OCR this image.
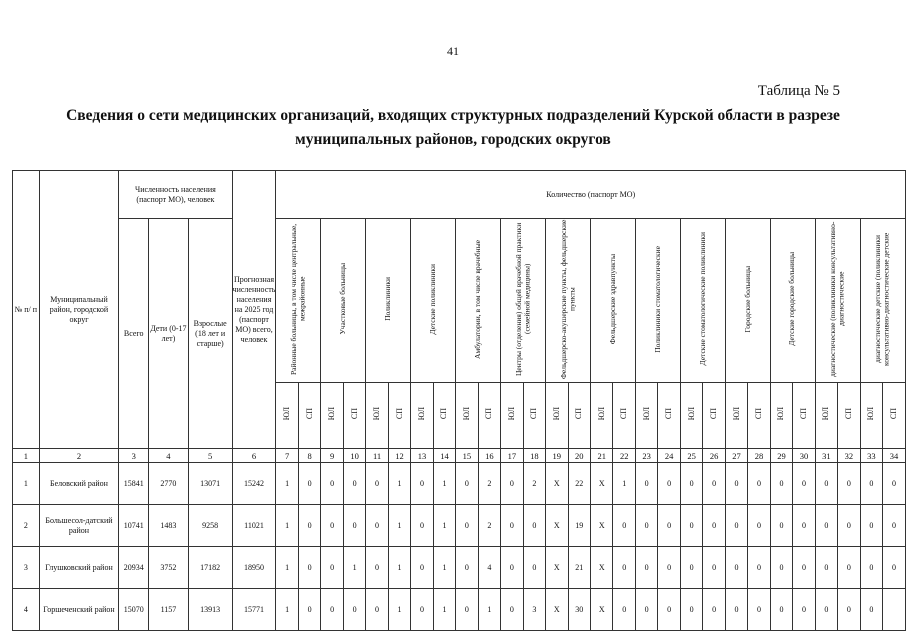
41
Таблица № 5
Сведения о сети медицинских организаций, входящих структурных подразделений Курской области в разрезе муниципальных районов, городских округов
№ п/ п	Муниципальный район, городской округ	Численность населения (паспорт МО), человек			Прогнозная численность населения на 2025 год (паспорт МО) всего, человек	Количество (паспорт МО)																											
		Всего	Дети (0-17 лет)	Взрослые (18 лет и старше)		Районные больницы, в том числе центральные, межрайонные		Участковые больницы		Поликлиники		Детские поликлиники		Амбулатории, в том числе врачебные		Центры (отделения) общей врачебной практики (семейной медицины)		Фельдшерско-акушерские пункты, фельдшерские пункты		Фельдшерские здравпункты		Поликлиники стоматологические		Детские стоматологические поликлиники		Городские больницы		Детские городские больницы		диагностические (поликлиники консультативно-диагностические		диагностические детские (поликлиники консультативно-диагностические детские	
						ЮЛ	СП	ЮЛ	СП	ЮЛ	СП	ЮЛ	СП	ЮЛ	СП	ЮЛ	СП	ЮЛ	СП	ЮЛ	СП	ЮЛ	СП	ЮЛ	СП	ЮЛ	СП	ЮЛ	СП	ЮЛ	СП	ЮЛ	СП
1	2	3	4	5	6	7	8	9	10	11	12	13	14	15	16	17	18	19	20	21	22	23	24	25	26	27	28	29	30	31	32	33	34
1	Беловский район	15841	2770	13071	15242	1	0	0	0	0	1	0	1	0	2	0	2	X	22	X	1	0	0	0	0	0	0	0	0	0	0	0	0
2	Большесол-датский район	10741	1483	9258	11021	1	0	0	0	0	1	0	1	0	2	0	0	X	19	X	0	0	0	0	0	0	0	0	0	0	0	0	0
3	Глушковский район	20934	3752	17182	18950	1	0	0	1	0	1	0	1	0	4	0	0	X	21	X	0	0	0	0	0	0	0	0	0	0	0	0	0
4	Горшеченский район	15070	1157	13913	15771	1	0	0	0	0	1	0	1	0	1	0	3	X	30	X	0	0	0	0	0	0	0	0	0	0	0	0	
